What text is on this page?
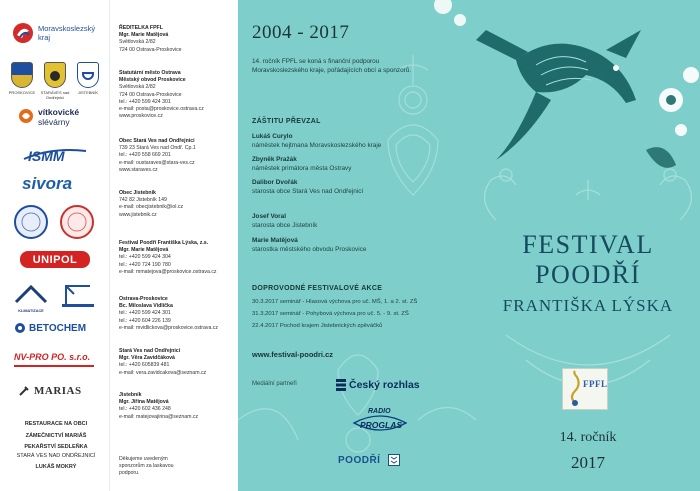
Moravskoslezský
kraj
PROSKOVICE	STARÁVES nad Ondřejnicí
JISTEBNÍK
vítkovické
slévárny
ISMM
sivora
UNIPOL
KLIMATIZACE
BETOCHEM
NV-PRO PO. s.r.o.
MARIAS
RESTAURACE NA OBCI
ZÁMEČNICTVÍ MARIÁŠ
PEKAŘSTVÍ SEDLEŇKA
STARÁ VES NAD ONDŘEJNICÍ
LUKÁŠ MOKRÝ
ŘEDITELKA FPFL
Mgr. Marie Matějová
Světlovská 2/82
724 00 Ostrava-Proskovice
Statutární město Ostrava
Městský obvod Proskovice
Světlovská 2/82
724 00 Ostrava-Proskovice
tel.: +420 599 424 301
e-mail: posta@proskovice.ostrava.cz
www.proskovice.cz
Obec Stará Ves nad Ondřejnicí
739 23 Stará Ves nad Ondř. Cp.1
tel.: +420 558 669 201
e-mail: oustaraves@stara-ves.cz
www.staraves.cz
Obec Jistebník
742 82 Jistebník 149
e-mail: obecjistebnik@iol.cz
www.jistebnik.cz
Festival Poodří Františka Lýska, z.s.
Mgr. Marie Matějová
tel.: +420 599 424 304
tel.: +420 724 190 780
e-mail: mmatejova@proskovice.ostrava.cz
Ostrava-Proskovice
Bc. Miloslava Vidlička
tel.: +420 599 424 301
tel.: +420 604 226 139
e-mail: mvidlickova@proskovice.ostrava.cz
Stará Ves nad Ondřejnicí
Mgr. Věra Zavidčáková
tel.: +420 605839 481
e-mail: vera.zavidcakova@seznam.cz
Jistebník
Mgr. Jiřina Matějová
tel.: +420 602 436 248
e-mail: matejovajirina@seznam.cz
Děkujeme uvedeným sponzorům za laskavou podporu.
2004 - 2017
14. ročník FPFL se koná s finanční podporou Moravskoslezského kraje, pořádajících obcí a sponzorů.
ZÁŠTITU PŘEVZAL
Lukáš Curylo
náměstek hejtmana Moravskoslezského kraje
Zbyněk Pražák
náměstek primátora města Ostravy
Dalibor Dvořák
starosta obce Stará Ves nad Ondřejnicí
Josef Voral
starosta obce Jistebník
Marie Matějová
starostka městského obvodu Proskovice
DOPROVODNÉ FESTIVALOVÉ AKCE
30.3.2017 seminář - Hlasová výchova pro uč. MŠ, 1. a 2. st. ZŠ
31.3.2017 seminář - Pohybová výchova pro uč. 5. - 9. st. ZŠ
22.4.2017 Pochod krajem Jistebnických zpěváčků
www.festival-poodri.cz
Mediální partneři	Český rozhlas
RADIO
PROGLAS
POODŘÍ
FESTIVAL
POODŘÍ
FRANTIŠKA LÝSKA
FPFL
14. ročník
2017
